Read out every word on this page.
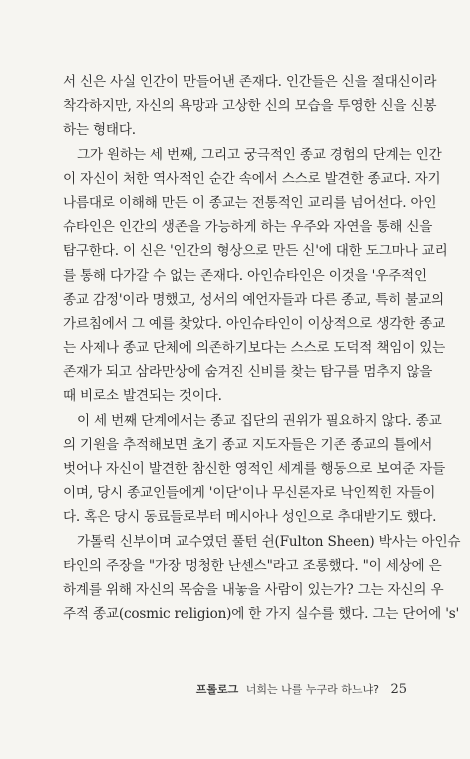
서 신은 사실 인간이 만들어낸 존재다. 인간들은 신을 절대신이라
착각하지만, 자신의 욕망과 고상한 신의 모습을 투영한 신을 신봉
하는 형태다.
그가 원하는 세 번째, 그리고 궁극적인 종교 경험의 단계는 인간
이 자신이 처한 역사적인 순간 속에서 스스로 발견한 종교다. 자기
나름대로 이해해 만든 이 종교는 전통적인 교리를 넘어선다. 아인
슈타인은 인간의 생존을 가능하게 하는 우주와 자연을 통해 신을
탐구한다. 이 신은 '인간의 형상으로 만든 신'에 대한 도그마나 교리
를 통해 다가갈 수 없는 존재다. 아인슈타인은 이것을 '우주적인
종교 감정'이라 명했고, 성서의 예언자들과 다른 종교, 특히 불교의
가르침에서 그 예를 찾았다. 아인슈타인이 이상적으로 생각한 종교
는 사제나 종교 단체에 의존하기보다는 스스로 도덕적 책임이 있는
존재가 되고 삼라만상에 숨겨진 신비를 찾는 탐구를 멈추지 않을
때 비로소 발견되는 것이다.
이 세 번째 단계에서는 종교 집단의 권위가 필요하지 않다. 종교
의 기원을 추적해보면 초기 종교 지도자들은 기존 종교의 틀에서
벗어나 자신이 발견한 참신한 영적인 세계를 행동으로 보여준 자들
이며, 당시 종교인들에게 '이단'이나 무신론자로 낙인찍힌 자들이
다. 혹은 당시 동료들로부터 메시아나 성인으로 추대받기도 했다.
가톨릭 신부이며 교수였던 풀턴 쉰(Fulton Sheen) 박사는 아인슈
타인의 주장을 "가장 멍청한 난센스"라고 조롱했다. "이 세상에 은
하계를 위해 자신의 목숨을 내놓을 사람이 있는가? 그는 자신의 우
주적 종교(cosmic religion)에 한 가지 실수를 했다. 그는 단어에 's'
프롤로그 너희는 나를 누구라 하느냐? 25
